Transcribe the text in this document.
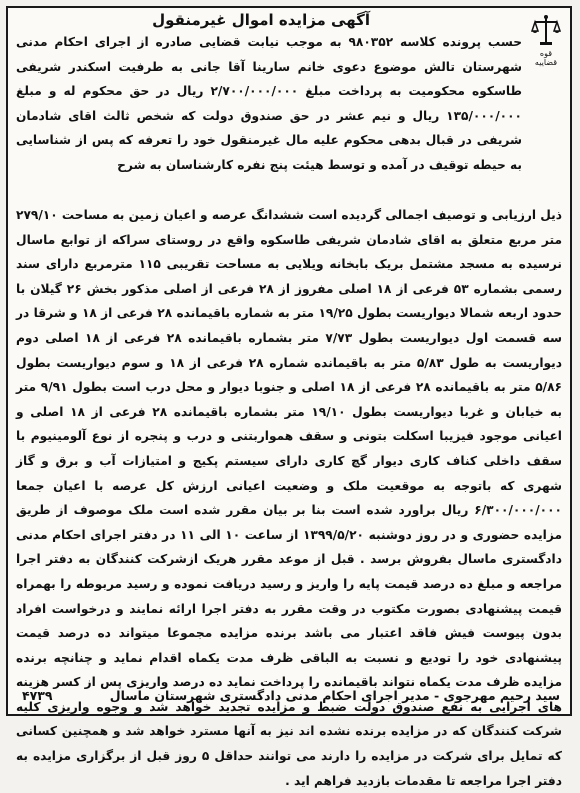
آگهی مزایده اموال غیرمنقول
قوه قضاییه
حسب پرونده کلاسه ۹۸۰۳۵۲ به موجب نیابت قضایی صادره از اجرای احکام مدنی شهرستان تالش موضوع دعوی خانم سارینا آقا جانی به طرفیت اسکندر شریفی طاسکوه محکومیت به پرداخت مبلغ ۲/۷۰۰/۰۰۰/۰۰۰ ریال در حق محکوم له و مبلغ ۱۳۵/۰۰۰/۰۰۰ ریال و نیم عشر در حق صندوق دولت که شخص ثالث اقای شادمان شریفی در قبال بدهی محکوم علیه مال غیرمنقول خود را تعرفه که پس از شناسایی به حیطه توقیف در آمده و توسط هیئت پنج نفره کارشناسان به شرح
ذیل ارزیابی و توصیف اجمالی گردیده است ششدانگ عرصه و اعیان زمین به مساحت ۲۷۹/۱۰ متر مربع متعلق به اقای شادمان شریفی طاسکوه واقع در روستای سراکه از توابع ماسال نرسیده به مسجد مشتمل بریک بابخانه ویلایی به مساحت تقریبی ۱۱۵ مترمربع دارای سند رسمی بشماره ۵۳ فرعی از ۱۸ اصلی مفروز از ۲۸ فرعی از اصلی مذکور بخش ۲۶ گیلان با حدود اربعه شمالا دیواریست بطول ۱۹/۲۵ متر به شماره باقیمانده ۲۸ فرعی از ۱۸ و شرقا در سه قسمت اول دیواریست بطول ۷/۷۳ متر بشماره باقیمانده ۲۸ فرعی از ۱۸ اصلی دوم دیواریست به طول ۵/۸۳ متر به باقیمانده شماره ۲۸ فرعی از ۱۸ و سوم دیواریست بطول ۵/۸۶ متر به باقیمانده ۲۸ فرعی از ۱۸ اصلی و جنوبا دیوار و محل درب است بطول ۹/۹۱ متر به خیابان و غربا دیواریست بطول ۱۹/۱۰ متر بشماره باقیمانده ۲۸ فرعی از ۱۸ اصلی و اعیانی موجود فیزیبا اسکلت بتونی و سقف همواربتنی و درب و پنجره از نوع آلومینیوم با سقف داخلی کناف کاری دیوار گچ کاری دارای سیستم پکیج و امتیازات آب و برق و گاز شهری که باتوجه به موقعیت ملک و وضعیت اعیانی ارزش کل عرصه با اعیان جمعا ۶/۳۰۰/۰۰۰/۰۰۰ ریال براورد شده است بنا بر بیان مقرر شده است ملک موصوف از طریق مزایده حضوری و در روز دوشنبه ۱۳۹۹/۵/۲۰ از ساعت ۱۰ الی ۱۱ در دفتر اجرای احکام مدنی دادگستری ماسال بفروش برسد . قبل از موعد مقرر هریک ازشرکت کنندگان به دفتر اجرا مراجعه و مبلغ ده درصد قیمت پایه را واریز و رسید دریافت نموده و رسید مربوطه را بهمراه قیمت پیشنهادی بصورت مکتوب در وقت مقرر به دفتر اجرا ارائه نمایند و درخواست افراد بدون پیوست فیش فاقد اعتبار می باشد برنده مزایده مجموعا میتواند ده درصد قیمت پیشنهادی خود را تودیع و نسبت به الباقی ظرف مدت یکماه اقدام نماید و چنانچه برنده مزایده ظرف مدت یکماه نتواند باقیمانده را پرداخت نماید ده درصد واریزی پس از کسر هزینه های اجرایی به نفع صندوق دولت ضبط و مزایده تجدید خواهد شد و وجوه واریزی کلیه شرکت کنندگان که در مزایده برنده نشده اند نیز به آنها مسترد خواهد شد و همچنین کسانی که تمایل برای شرکت در مزایده را دارند می توانند حداقل ۵ روز قبل از برگزاری مزایده به دفتر اجرا مراجعه تا مقدمات بازدید فراهم اید .
سید رحیم مهرجوی - مدیر اجرای احکام مدنی دادگستری شهرستان ماسال
۴۷۳۹
